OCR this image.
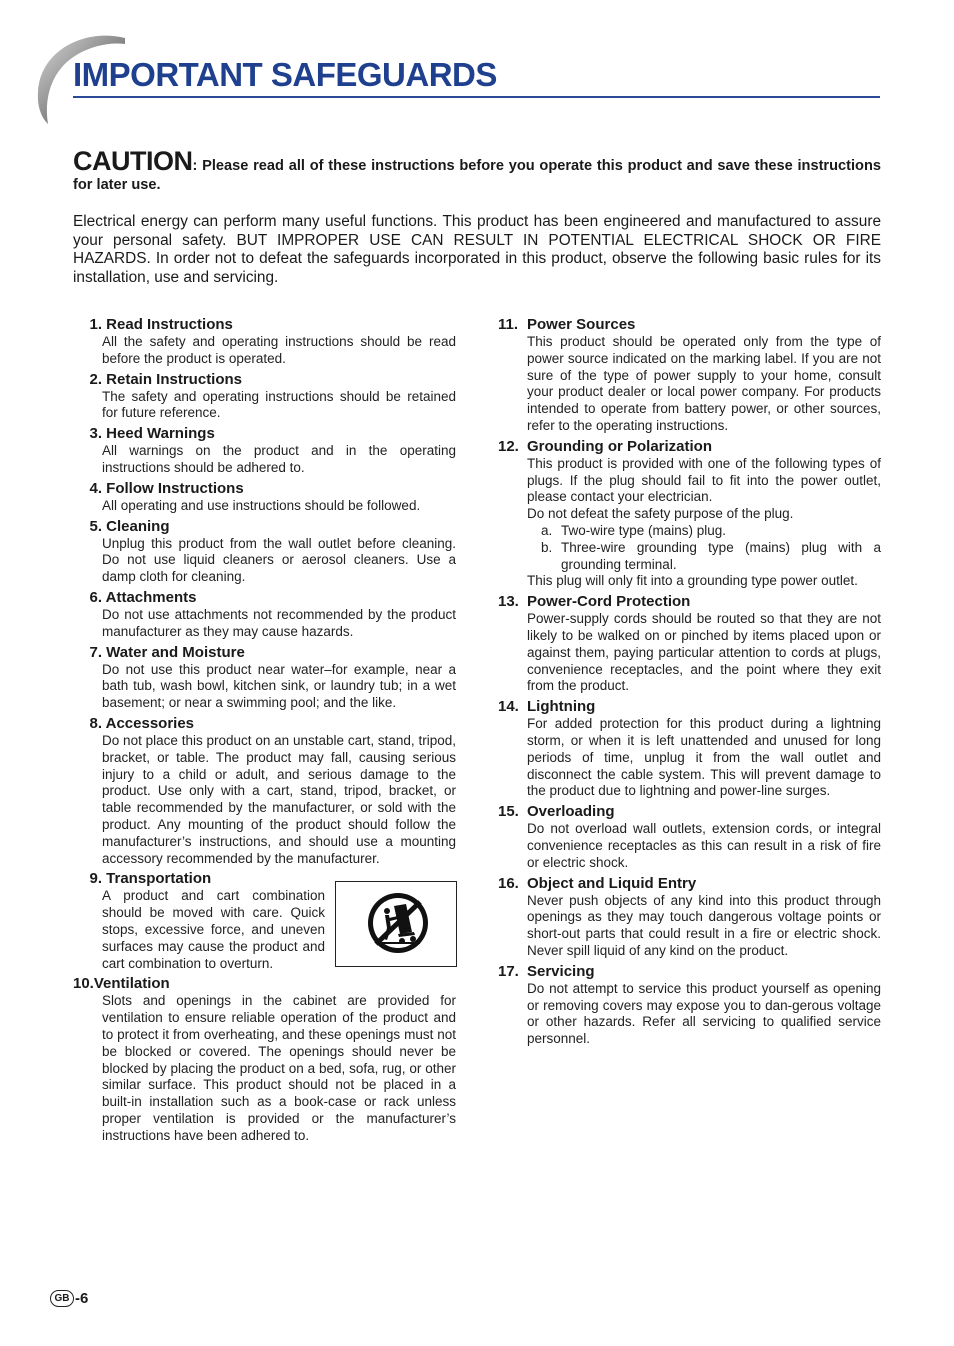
IMPORTANT SAFEGUARDS
CAUTION: Please read all of these instructions before you operate this product and save these instructions for later use.

Electrical energy can perform many useful functions. This product has been engineered and manufactured to assure your personal safety. BUT IMPROPER USE CAN RESULT IN POTENTIAL ELECTRICAL SHOCK OR FIRE HAZARDS. In order not to defeat the safeguards incorporated in this product, observe the following basic rules for its installation, use and servicing.

1. Read Instructions
All the safety and operating instructions should be read before the product is operated.
2. Retain Instructions
The safety and operating instructions should be retained for future reference.
3. Heed Warnings
All warnings on the product and in the operating instructions should be adhered to.
4. Follow Instructions
All operating and use instructions should be followed.
5. Cleaning
Unplug this product from the wall outlet before cleaning. Do not use liquid cleaners or aerosol cleaners. Use a damp cloth for cleaning.
6. Attachments
Do not use attachments not recommended by the product manufacturer as they may cause hazards.
7. Water and Moisture
Do not use this product near water–for example, near a bath tub, wash bowl, kitchen sink, or laundry tub; in a wet basement; or near a swimming pool; and the like.
8. Accessories
Do not place this product on an unstable cart, stand, tripod, bracket, or table. The product may fall, causing serious injury to a child or adult, and serious damage to the product. Use only with a cart, stand, tripod, bracket, or table recommended by the manufacturer, or sold with the product. Any mounting of the product should follow the manufacturer’s instructions, and should use a mounting accessory recommended by the manufacturer.
9. Transportation
A product and cart combination should be moved with care. Quick stops, excessive force, and uneven surfaces may cause the product and cart combination to overturn.
10.Ventilation
Slots and openings in the cabinet are provided for ventilation to ensure reliable operation of the product and to protect it from overheating, and these openings must not be blocked or covered. The openings should never be blocked by placing the product on a bed, sofa, rug, or other similar surface. This product should not be placed in a built-in installation such as a book-case or rack unless proper ventilation is provided or the manufacturer’s instructions have been adhered to.
11. Power Sources
This product should be operated only from the type of power source indicated on the marking label. If you are not sure of the type of power supply to your home, consult your product dealer or local power company. For products intended to operate from battery power, or other sources, refer to the operating instructions.
12. Grounding or Polarization

This product is provided with one of the following types of plugs. If the plug should fail to fit into the power outlet, please contact your electrician.

Do not defeat the safety purpose of the plug.

a. Two-wire type (mains) plug.
b. Three-wire grounding type (mains) plug with a grounding terminal.

This plug will only fit into a grounding type power outlet.

13. Power-Cord Protection
Power-supply cords should be routed so that they are not likely to be walked on or pinched by items placed upon or against them, paying particular attention to cords at plugs, convenience receptacles, and the point where they exit from the product.
14. Lightning
For added protection for this product during a lightning storm, or when it is left unattended and unused for long periods of time, unplug it from the wall outlet and disconnect the cable system. This will prevent damage to the product due to lightning and power-line surges.
15. Overloading
Do not overload wall outlets, extension cords, or integral convenience receptacles as this can result in a risk of fire or electric shock.
16. Object and Liquid Entry
Never push objects of any kind into this product through openings as they may touch dangerous voltage points or short-out parts that could result in a fire or electric shock. Never spill liquid of any kind on the product.
17. Servicing
Do not attempt to service this product yourself as opening or removing covers may expose you to dan-gerous voltage or other hazards. Refer all servicing to qualified service personnel.
GB -6
